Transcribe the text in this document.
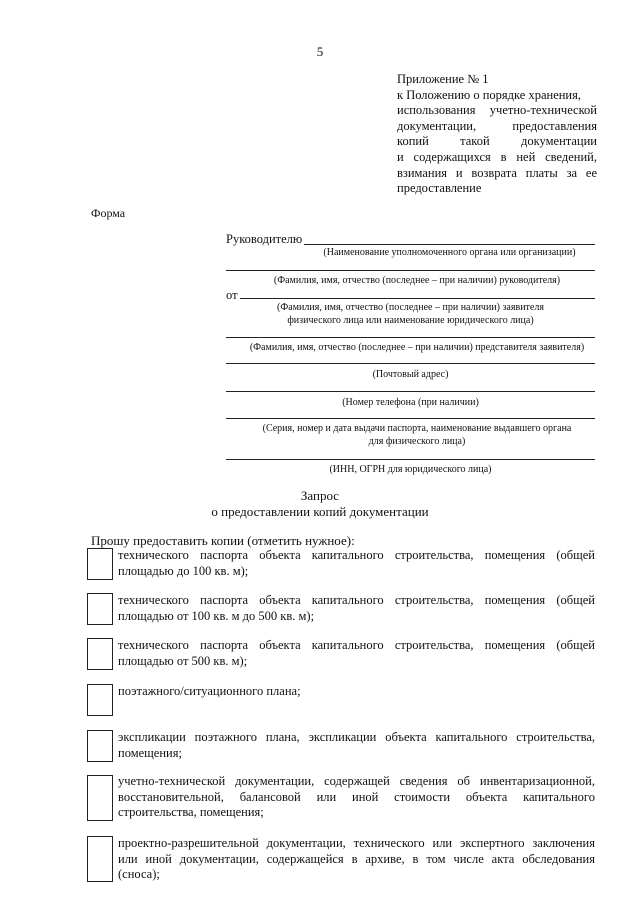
5
Приложение № 1
к Положению о порядке хранения,
использования учетно-технической
документации, предоставления
копий такой документации
и содержащихся в ней сведений,
взимания и возврата платы за ее
предоставление
Форма
Руководителю
(Наименование уполномоченного органа или организации)
(Фамилия, имя, отчество (последнее – при наличии) руководителя)
от
(Фамилия, имя, отчество (последнее – при наличии) заявителя
физического лица или наименование юридического лица)
(Фамилия, имя, отчество (последнее – при наличии) представителя заявителя)
(Почтовый адрес)
(Номер телефона (при наличии)
(Серия, номер и дата выдачи паспорта, наименование выдавшего органа
для физического лица)
(ИНН, ОГРН для юридического лица)
Запрос
о предоставлении копий документации
Прошу предоставить копии (отметить нужное):
технического паспорта объекта капитального строительства, помещения (общей
площадью до 100 кв. м);
технического паспорта объекта капитального строительства, помещения (общей
площадью от 100 кв. м до 500 кв. м);
технического паспорта объекта капитального строительства, помещения (общей
площадью от 500 кв. м);
поэтажного/ситуационного плана;
экспликации поэтажного плана, экспликации объекта капитального строительства,
помещения;
учетно-технической документации, содержащей сведения об инвентаризационной,
восстановительной, балансовой или иной стоимости объекта капитального
строительства, помещения;
проектно-разрешительной документации, технического или экспертного заключения
или иной документации, содержащейся в архиве, в том числе акта обследования
(сноса);
